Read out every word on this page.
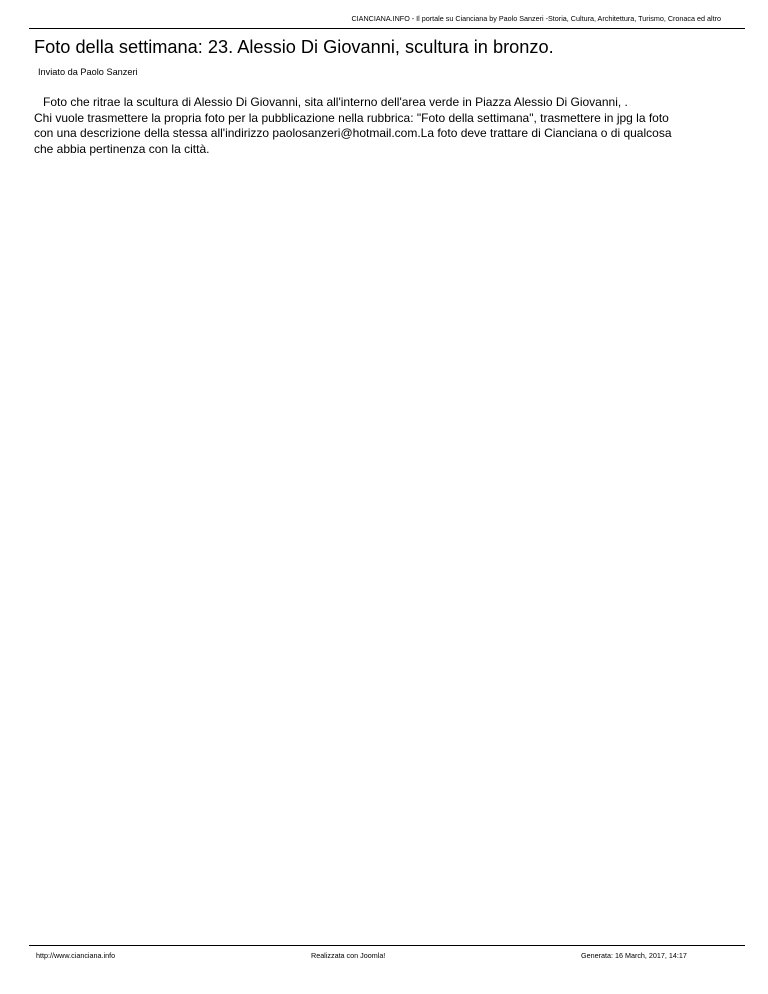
CIANCIANA.INFO - Il portale su Cianciana by Paolo Sanzeri -Storia, Cultura, Architettura, Turismo, Cronaca ed altro
Foto della settimana: 23. Alessio Di Giovanni, scultura in bronzo.
Inviato da Paolo Sanzeri

Foto che ritrae la scultura di Alessio Di Giovanni, sita all'interno dell'area verde in Piazza Alessio Di Giovanni, .

Chi vuole trasmettere la propria foto per la pubblicazione nella rubbrica: "Foto della settimana", trasmettere in jpg la foto

con una descrizione della stessa all'indirizzo paolosanzeri@hotmail.com.La foto deve trattare di Cianciana o di qualcosa

che abbia pertinenza con la città.

http://www.cianciana.info	Realizzata con Joomla!	Generata: 16 March, 2017, 14:17
